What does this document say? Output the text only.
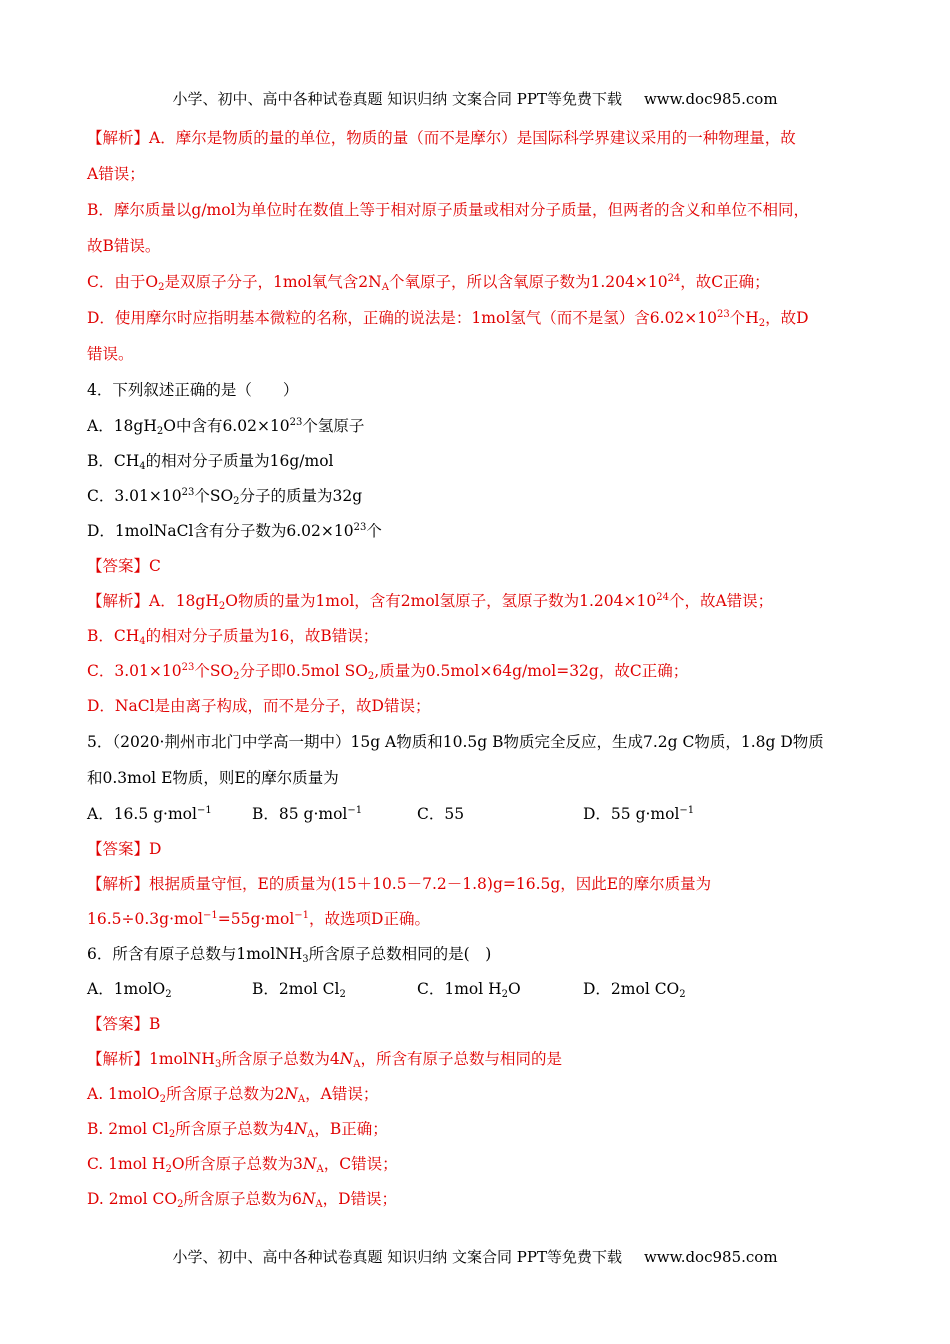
小学、初中、高中各种试卷真题 知识归纳 文案合同 PPT等免费下载 www.doc985.com
【解析】A．摩尔是物质的量的单位，物质的量（而不是摩尔）是国际科学界建议采用的一种物理量，故
A错误；
B．摩尔质量以g/mol为单位时在数值上等于相对原子质量或相对分子质量，但两者的含义和单位不相同，
故B错误。
C．由于$O_2$是双原子分子，1mol氧气含$2N_A$个氧原子，所以含氧原子数为$1.204\times 10^{24}$，故C正确；
D．使用摩尔时应指明基本微粒的名称，正确的说法是：1mol氢气（而不是氢）含$6.02\times 10^{23}$个$H_2$，故D
错误。
4．下列叙述正确的是（　　）
A．$18gH_2O$中含有$6.02\times 10^{23}$个氢原子
B．$CH_4$的相对分子质量为16g/mol
C．$3.01\times 10^{23}$个$SO_2$分子的质量为32g
D．1molNaCl含有分子数为$6.02\times 10^{23}$个
【答案】C
【解析】A．$18gH_2O$物质的量为1mol，含有2mol氢原子，氢原子数为$1.204\times 10^{24}$个，故A错误；
B．$CH_4$的相对分子质量为16，故B错误；
C．$3.01\times 10^{23}$个$SO_2$分子即0.5mol $SO_2$,质量为0.5mol×64g/mol=32g，故C正确；
D．NaCl是由离子构成，而不是分子，故D错误；
5．（2020·荆州市北门中学高一期中）15g A物质和10.5g B物质完全反应，生成7.2g C物质，1.8g D物质
和0.3mol E物质，则E的摩尔质量为
A．16.5 g·mol$^{-1}$	B．85 g·mol$^{-1}$	C．55	D．55 g·mol$^{-1}$
【答案】D
【解析】根据质量守恒，E的质量为(15＋10.5－7.2－1.8)g=16.5g，因此E的摩尔质量为
16.5÷0.3g·mol$^{-1}$=55g·mol$^{-1}$，故选项D正确。
6．所含有原子总数与1molNH$_3$所含原子总数相同的是(　)
A．1molO$_2$	B．2mol $Cl_2$	C．1mol $H_2O$	D．2mol $CO_2$
【答案】B
【解析】1molNH$_3$所含原子总数为$4N_A$，所含有原子总数与相同的是
A. 1molO$_2$所含原子总数为$2N_A$，A错误；
B. 2mol $Cl_2$所含原子总数为$4N_A$，B正确；
C. 1mol $H_2O$所含原子总数为$3N_A$，C错误；
D. 2mol $CO_2$所含原子总数为$6N_A$，D错误；
小学、初中、高中各种试卷真题 知识归纳 文案合同 PPT等免费下载 www.doc985.com
